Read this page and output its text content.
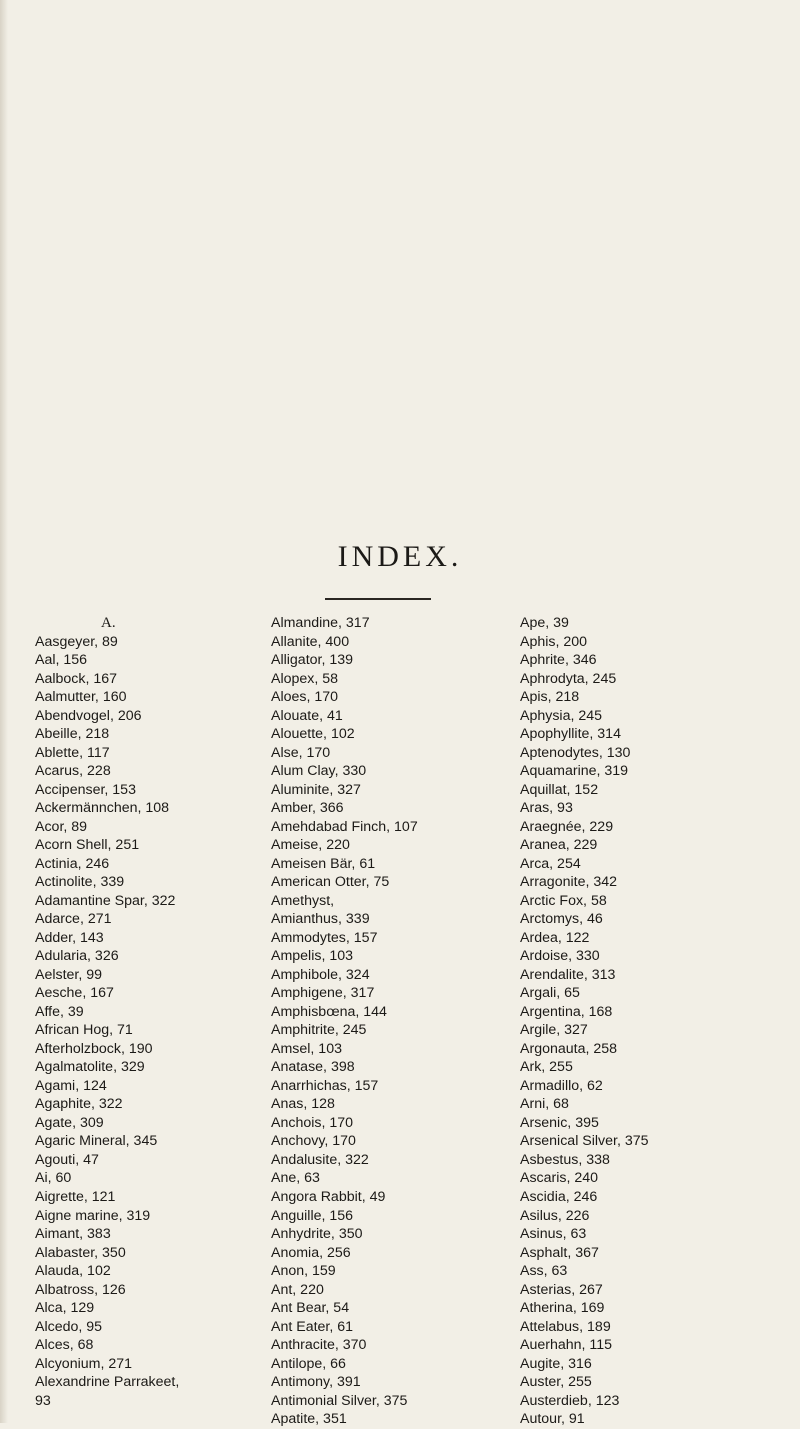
INDEX.
A.
Aasgeyer, 89
Aal, 156
Aalbock, 167
Aalmutter, 160
Abendvogel, 206
Abeille, 218
Ablette, 117
Acarus, 228
Accipenser, 153
Ackermännchen, 108
Acor, 89
Acorn Shell, 251
Actinia, 246
Actinolite, 339
Adamantine Spar, 322
Adarce, 271
Adder, 143
Adularia, 326
Aelster, 99
Aesche, 167
Affe, 39
African Hog, 71
Afterholzbock, 190
Agalmatolite, 329
Agami, 124
Agaphite, 322
Agate, 309
Agaric Mineral, 345
Agouti, 47
Ai, 60
Aigrette, 121
Aigne marine, 319
Aimant, 383
Alabaster, 350
Alauda, 102
Albatross, 126
Alca, 129
Alcedo, 95
Alces, 68
Alcyonium, 271
Alexandrine Parrakeet,
93
Almandine, 317
Allanite, 400
Alligator, 139
Alopex, 58
Aloes, 170
Alouate, 41
Alouette, 102
Alse, 170
Alum Clay, 330
Aluminite, 327
Amber, 366
Amehdabad Finch, 107
Ameise, 220
Ameisen Bär, 61
American Otter, 75
Amethyst,
Amianthus, 339
Ammodytes, 157
Ampelis, 103
Amphibole, 324
Amphigene, 317
Amphisbœna, 144
Amphitrite, 245
Amsel, 103
Anatase, 398
Anarrhichas, 157
Anas, 128
Anchois, 170
Anchovy, 170
Andalusite, 322
Ane, 63
Angora Rabbit, 49
Anguille, 156
Anhydrite, 350
Anomia, 256
Anon, 159
Ant, 220
Ant Bear, 54
Ant Eater, 61
Anthracite, 370
Antilope, 66
Antimony, 391
Antimonial Silver, 375
Apatite, 351
Ape, 39
Aphis, 200
Aphrite, 346
Aphrodyta, 245
Apis, 218
Aphysia, 245
Apophyllite, 314
Aptenodytes, 130
Aquamarine, 319
Aquillat, 152
Aras, 93
Araegnée, 229
Aranea, 229
Arca, 254
Arragonite, 342
Arctic Fox, 58
Arctomys, 46
Ardea, 122
Ardoise, 330
Arendalite, 313
Argali, 65
Argentina, 168
Argile, 327
Argonauta, 258
Ark, 255
Armadillo, 62
Arni, 68
Arsenic, 395
Arsenical Silver, 375
Asbestus, 338
Ascaris, 240
Ascidia, 246
Asilus, 226
Asinus, 63
Asphalt, 367
Ass, 63
Asterias, 267
Atherina, 169
Attelabus, 189
Auerhahn, 115
Augite, 316
Auster, 255
Austerdieb, 123
Autour, 91
